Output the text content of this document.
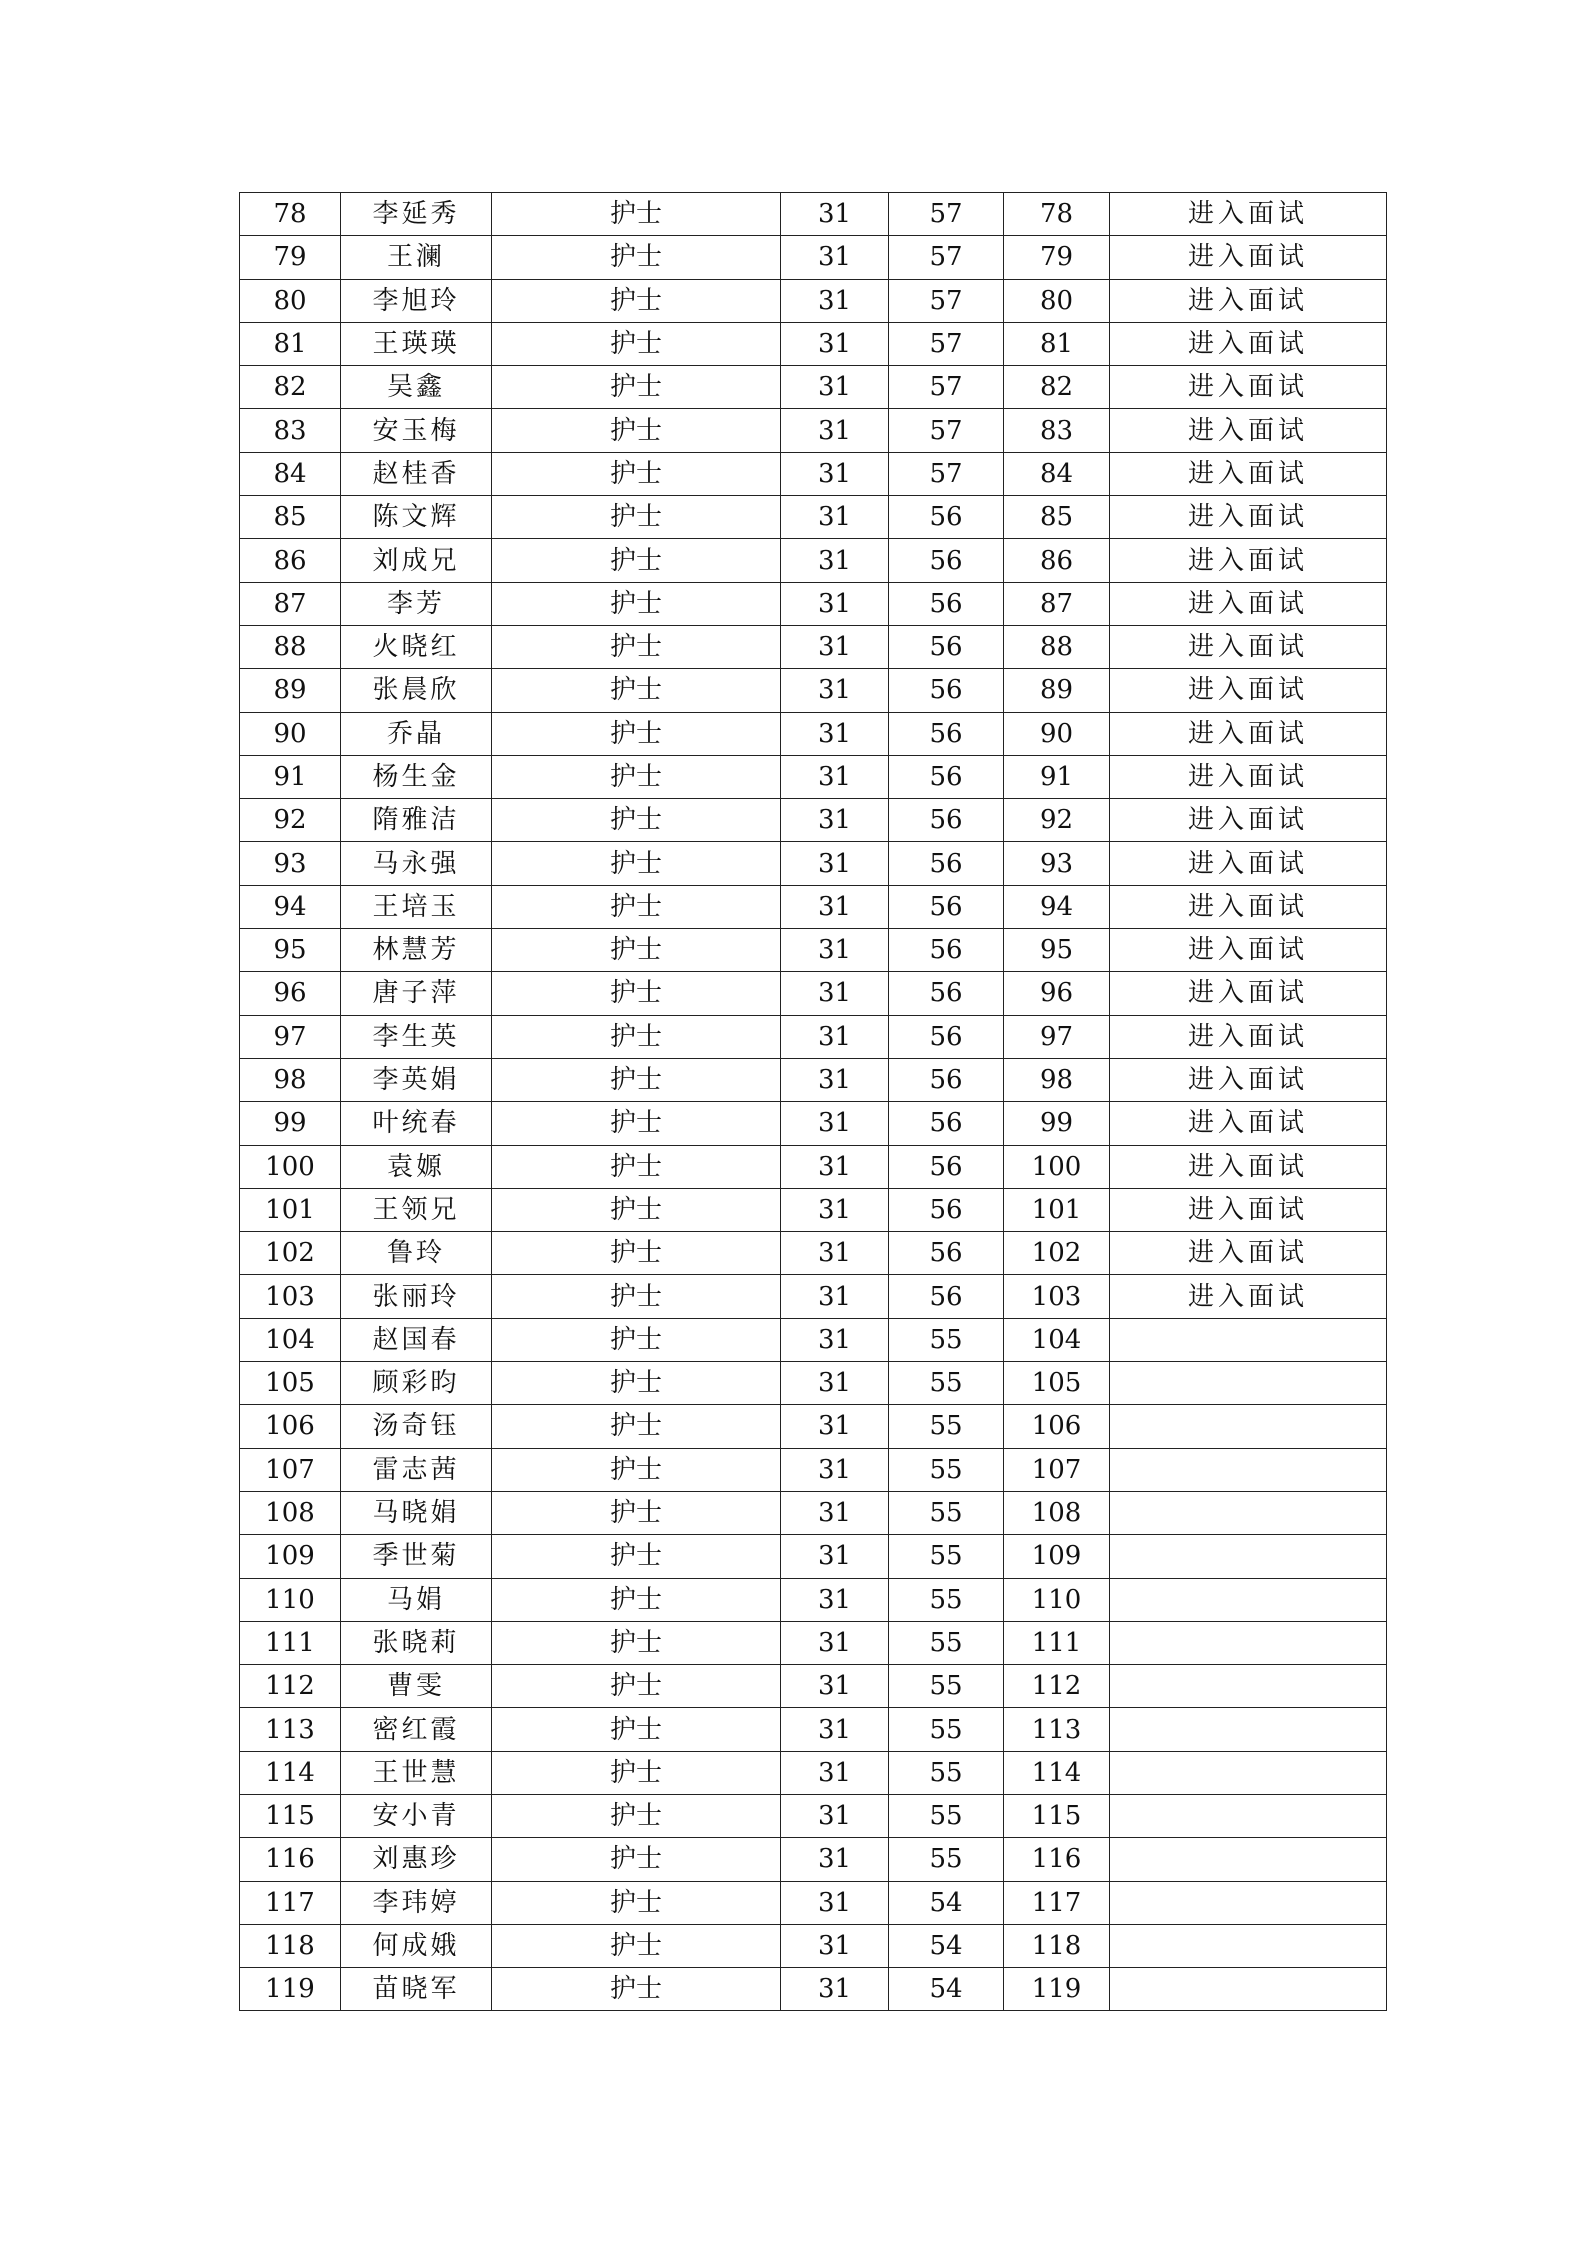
78	李延秀	护士	31	57	78	进入面试
79	王澜	护士	31	57	79	进入面试
80	李旭玲	护士	31	57	80	进入面试
81	王瑛瑛	护士	31	57	81	进入面试
82	吴鑫	护士	31	57	82	进入面试
83	安玉梅	护士	31	57	83	进入面试
84	赵桂香	护士	31	57	84	进入面试
85	陈文辉	护士	31	56	85	进入面试
86	刘成兄	护士	31	56	86	进入面试
87	李芳	护士	31	56	87	进入面试
88	火晓红	护士	31	56	88	进入面试
89	张晨欣	护士	31	56	89	进入面试
90	乔晶	护士	31	56	90	进入面试
91	杨生金	护士	31	56	91	进入面试
92	隋雅洁	护士	31	56	92	进入面试
93	马永强	护士	31	56	93	进入面试
94	王培玉	护士	31	56	94	进入面试
95	林慧芳	护士	31	56	95	进入面试
96	唐子萍	护士	31	56	96	进入面试
97	李生英	护士	31	56	97	进入面试
98	李英娟	护士	31	56	98	进入面试
99	叶统春	护士	31	56	99	进入面试
100	袁嫄	护士	31	56	100	进入面试
101	王领兄	护士	31	56	101	进入面试
102	鲁玲	护士	31	56	102	进入面试
103	张丽玲	护士	31	56	103	进入面试
104	赵国春	护士	31	55	104	
105	顾彩昀	护士	31	55	105	
106	汤奇钰	护士	31	55	106	
107	雷志茜	护士	31	55	107	
108	马晓娟	护士	31	55	108	
109	季世菊	护士	31	55	109	
110	马娟	护士	31	55	110	
111	张晓莉	护士	31	55	111	
112	曹雯	护士	31	55	112	
113	密红霞	护士	31	55	113	
114	王世慧	护士	31	55	114	
115	安小青	护士	31	55	115	
116	刘惠珍	护士	31	55	116	
117	李玮婷	护士	31	54	117	
118	何成娥	护士	31	54	118	
119	苗晓军	护士	31	54	119	
